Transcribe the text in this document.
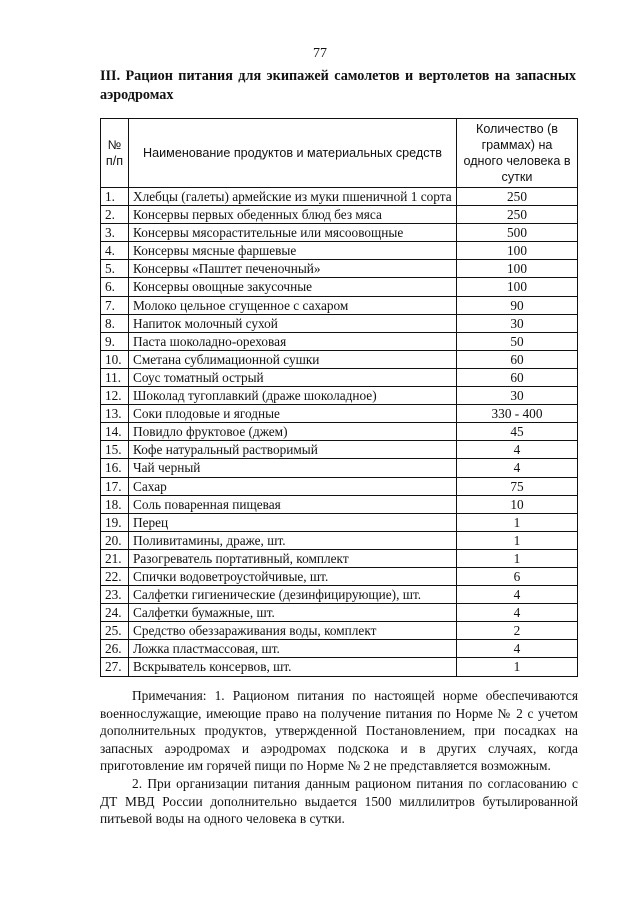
77
III. Рацион питания для экипажей самолетов и вертолетов на запасных аэродромах
№ п/п	Наименование продуктов и материальных средств	Количество (в граммах) на одного человека в сутки
1.	Хлебцы (галеты) армейские из муки пшеничной 1 сорта	250
2.	Консервы первых обеденных блюд без мяса	250
3.	Консервы мясорастительные или мясоовощные	500
4.	Консервы мясные фаршевые	100
5.	Консервы «Паштет печеночный»	100
6.	Консервы овощные закусочные	100
7.	Молоко цельное сгущенное с сахаром	90
8.	Напиток молочный сухой	30
9.	Паста шоколадно-ореховая	50
10.	Сметана сублимационной сушки	60
11.	Соус томатный острый	60
12.	Шоколад тугоплавкий (драже шоколадное)	30
13.	Соки плодовые и ягодные	330 - 400
14.	Повидло фруктовое (джем)	45
15.	Кофе натуральный растворимый	4
16.	Чай черный	4
17.	Сахар	75
18.	Соль поваренная пищевая	10
19.	Перец	1
20.	Поливитамины, драже, шт.	1
21.	Разогреватель портативный, комплект	1
22.	Спички водоветроустойчивые, шт.	6
23.	Салфетки гигиенические (дезинфицирующие), шт.	4
24.	Салфетки бумажные, шт.	4
25.	Средство обеззараживания воды, комплект	2
26.	Ложка пластмассовая, шт.	4
27.	Вскрыватель консервов, шт.	1

Примечания: 1. Рационом питания по настоящей норме обеспечиваются военнослужащие, имеющие право на получение питания по Норме № 2 с учетом дополнительных продуктов, утвержденной Постановлением, при посадках на запасных аэродромах и аэродромах подскока и в других случаях, когда приготовление им горячей пищи по Норме № 2 не представляется возможным.

2. При организации питания данным рационом питания по согласованию с ДТ МВД России дополнительно выдается 1500 миллилитров бутылированной питьевой воды на одного человека в сутки.
